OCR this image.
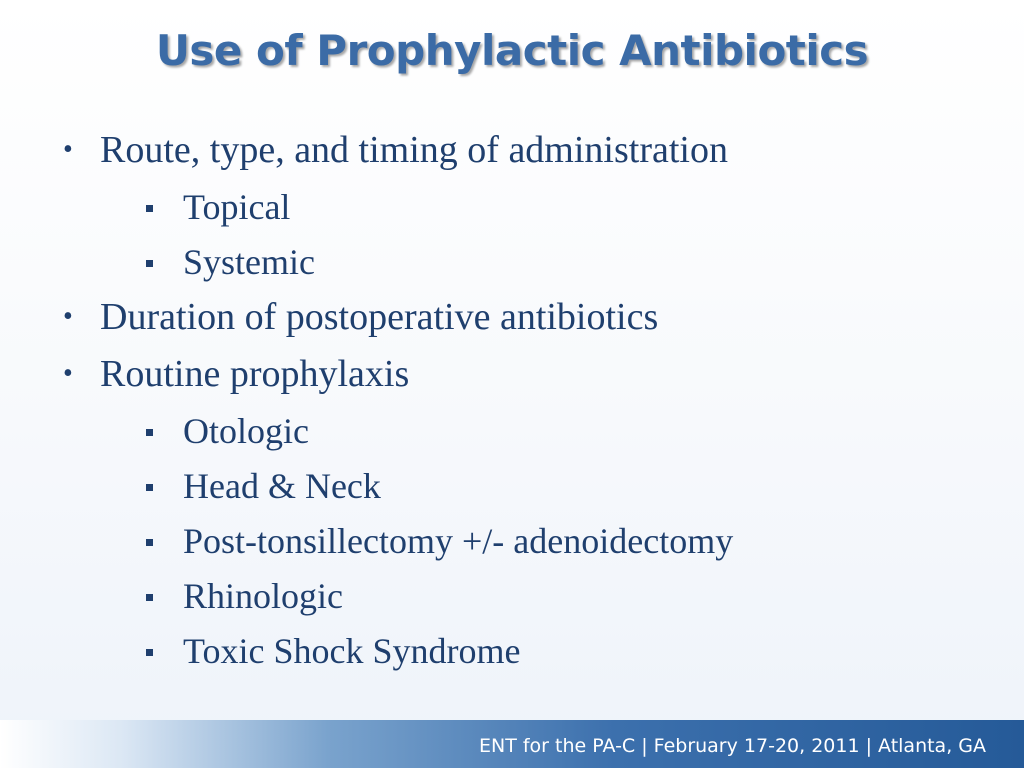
Use of Prophylactic Antibiotics
• Route, type, and timing of administration
Topical
Systemic
• Duration of postoperative antibiotics
• Routine prophylaxis
Otologic
Head & Neck
Post-tonsillectomy +/- adenoidectomy
Rhinologic
Toxic Shock Syndrome
ENT for the PA-C | February 17-20, 2011 | Atlanta, GA
